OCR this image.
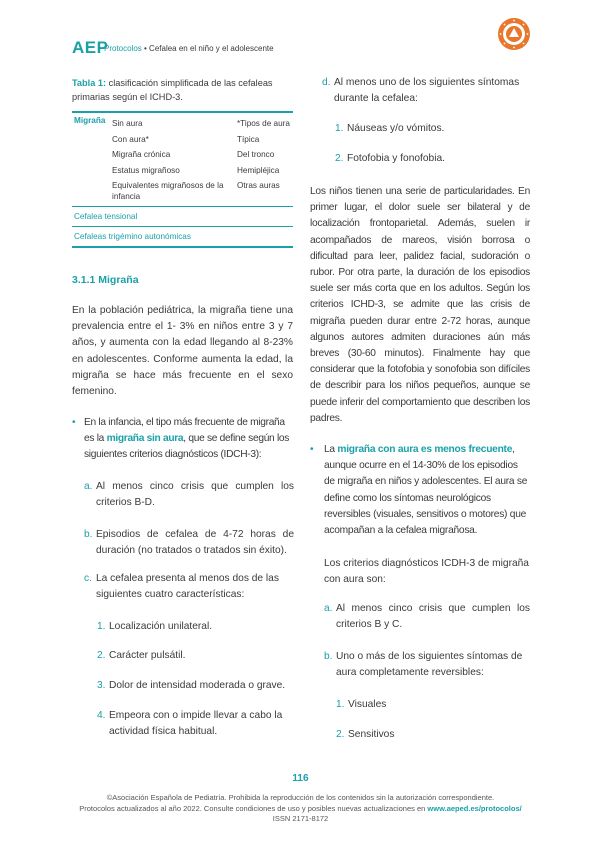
AEP
Protocolos • Cefalea en el niño y el adolescente
Tabla 1: clasificación simplificada de las cefaleas primarias según el ICHD-3.
Migraña Sin aura
Con aura*
Migraña crónica
Estatus migrañoso
Equivalentes migrañosos de la infancia
*Tipos de aura
Típica
Del tronco
Hemipléjica
Otras auras
Cefalea tensional
Cefaleas trigémino autonómicas
3.1.1 Migraña
En la población pediátrica, la migraña tiene una prevalencia entre el 1- 3% en niños entre 3 y 7 años, y aumenta con la edad llegando al 8-23% en adolescentes. Conforme aumenta la edad, la migraña se hace más frecuente en el sexo femenino.
• En la infancia, el tipo más frecuente de migraña es la migraña sin aura, que se define según los siguientes criterios diagnósticos (IDCH-3):
a. Al menos cinco crisis que cumplen los criterios B-D.
b. Episodios de cefalea de 4-72 horas de duración (no tratados o tratados sin éxito).
c. La cefalea presenta al menos dos de las siguientes cuatro características:
1. Localización unilateral.
2. Carácter pulsátil.
3. Dolor de intensidad moderada o grave.
4. Empeora con o impide llevar a cabo la actividad física habitual.
d. Al menos uno de los siguientes síntomas durante la cefalea:
1. Náuseas y/o vómitos.
2. Fotofobia y fonofobia.
Los niños tienen una serie de particularidades. En primer lugar, el dolor suele ser bilateral y de localización frontoparietal. Además, suelen ir acompañados de mareos, visión borrosa o dificultad para leer, palidez facial, sudoración o rubor. Por otra parte, la duración de los episodios suele ser más corta que en los adultos. Según los criterios ICHD-3, se admite que las crisis de migraña pueden durar entre 2-72 horas, aunque algunos autores admiten duraciones aún más breves (30-60 minutos). Finalmente hay que considerar que la fotofobia y sonofobia son difíciles de describir para los niños pequeños, aunque se puede inferir del comportamiento que describen los padres.
• La migraña con aura es menos frecuente, aunque ocurre en el 14-30% de los episodios de migraña en niños y adolescentes. El aura se define como los síntomas neurológicos reversibles (visuales, sensitivos o motores) que acompañan a la cefalea migrañosa.
Los criterios diagnósticos ICDH-3 de migraña con aura son:
a. Al menos cinco crisis que cumplen los criterios B y C.
b. Uno o más de los siguientes síntomas de aura completamente reversibles:
1. Visuales
2. Sensitivos
116
©Asociación Española de Pediatría. Prohibida la reproducción de los contenidos sin la autorización correspondiente.
Protocolos actualizados al año 2022. Consulte condiciones de uso y posibles nuevas actualizaciones en www.aeped.es/protocolos/
ISSN 2171-8172
